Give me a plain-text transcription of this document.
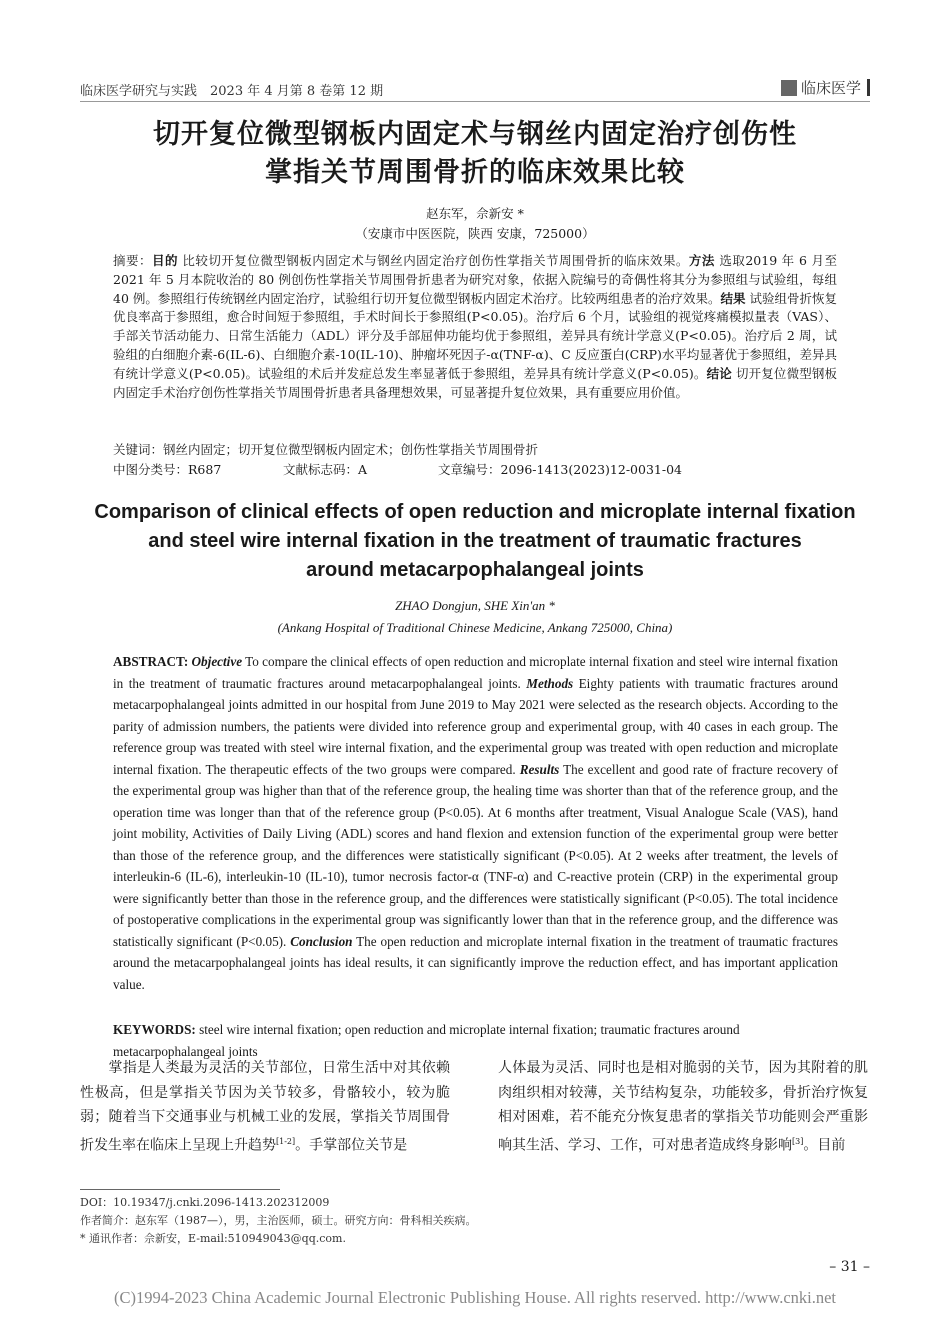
临床医学研究与实践　2023 年 4 月第 8 卷第 12 期	临床医学
切开复位微型钢板内固定术与钢丝内固定治疗创伤性
掌指关节周围骨折的临床效果比较
赵东军，佘新安 *
（安康市中医医院，陕西 安康，725000）
摘要：目的 比较切开复位微型钢板内固定术与钢丝内固定治疗创伤性掌指关节周围骨折的临床效果。方法 选取2019 年 6 月至 2021 年 5 月本院收治的 80 例创伤性掌指关节周围骨折患者为研究对象，依据入院编号的奇偶性将其分为参照组与试验组，每组 40 例。参照组行传统钢丝内固定治疗，试验组行切开复位微型钢板内固定术治疗。比较两组患者的治疗效果。结果 试验组骨折恢复优良率高于参照组，愈合时间短于参照组，手术时间长于参照组(P<0.05)。治疗后 6 个月，试验组的视觉疼痛模拟量表（VAS）、手部关节活动能力、日常生活能力（ADL）评分及手部屈伸功能均优于参照组，差异具有统计学意义(P<0.05)。治疗后 2 周，试验组的白细胞介素-6(IL-6)、白细胞介素-10(IL-10)、肿瘤坏死因子-α(TNF-α)、C 反应蛋白(CRP)水平均显著优于参照组，差异具有统计学意义(P<0.05)。试验组的术后并发症总发生率显著低于参照组，差异具有统计学意义(P<0.05)。结论 切开复位微型钢板内固定手术治疗创伤性掌指关节周围骨折患者具备理想效果，可显著提升复位效果，具有重要应用价值。
关键词：钢丝内固定；切开复位微型钢板内固定术；创伤性掌指关节周围骨折
中图分类号：R687	文献标志码：A	文章编号：2096-1413(2023)12-0031-04
Comparison of clinical effects of open reduction and microplate internal fixation
and steel wire internal fixation in the treatment of traumatic fractures
around metacarpophalangeal joints
ZHAO Dongjun, SHE Xin'an *
(Ankang Hospital of Traditional Chinese Medicine, Ankang 725000, China)
ABSTRACT: Objective To compare the clinical effects of open reduction and microplate internal fixation and steel wire internal fixation in the treatment of traumatic fractures around metacarpophalangeal joints. Methods Eighty patients with traumatic fractures around metacarpophalangeal joints admitted in our hospital from June 2019 to May 2021 were selected as the research objects. According to the parity of admission numbers, the patients were divided into reference group and experimental group, with 40 cases in each group. The reference group was treated with steel wire internal fixation, and the experimental group was treated with open reduction and microplate internal fixation. The therapeutic effects of the two groups were compared. Results The excellent and good rate of fracture recovery of the experimental group was higher than that of the reference group, the healing time was shorter than that of the reference group, and the operation time was longer than that of the reference group (P<0.05). At 6 months after treatment, Visual Analogue Scale (VAS), hand joint mobility, Activities of Daily Living (ADL) scores and hand flexion and extension function of the experimental group were better than those of the reference group, and the differences were statistically significant (P<0.05). At 2 weeks after treatment, the levels of interleukin-6 (IL-6), interleukin-10 (IL-10), tumor necrosis factor-α (TNF-α) and C-reactive protein (CRP) in the experimental group were significantly better than those in the reference group, and the differences were statistically significant (P<0.05). The total incidence of postoperative complications in the experimental group was significantly lower than that in the reference group, and the difference was statistically significant (P<0.05). Conclusion The open reduction and microplate internal fixation in the treatment of traumatic fractures around the metacarpophalangeal joints has ideal results, it can significantly improve the reduction effect, and has important application value.
KEYWORDS: steel wire internal fixation; open reduction and microplate internal fixation; traumatic fractures around metacarpophalangeal joints
　　掌指是人类最为灵活的关节部位，日常生活中对其依赖性极高，但是掌指关节因为关节较多，骨骼较小，较为脆弱；随着当下交通事业与机械工业的发展，掌指关节周围骨折发生率在临床上呈现上升趋势[1-2]。手掌部位关节是
人体最为灵活、同时也是相对脆弱的关节，因为其附着的肌肉组织相对较薄，关节结构复杂，功能较多，骨折治疗恢复相对困难，若不能充分恢复患者的掌指关节功能则会严重影响其生活、学习、工作，可对患者造成终身影响[3]。目前
DOI：10.19347/j.cnki.2096-1413.202312009
作者简介：赵东军（1987—），男，主治医师，硕士。研究方向：骨科相关疾病。
* 通讯作者：佘新安，E-mail:510949043@qq.com.
– 31 –
(C)1994-2023 China Academic Journal Electronic Publishing House. All rights reserved. http://www.cnki.net
